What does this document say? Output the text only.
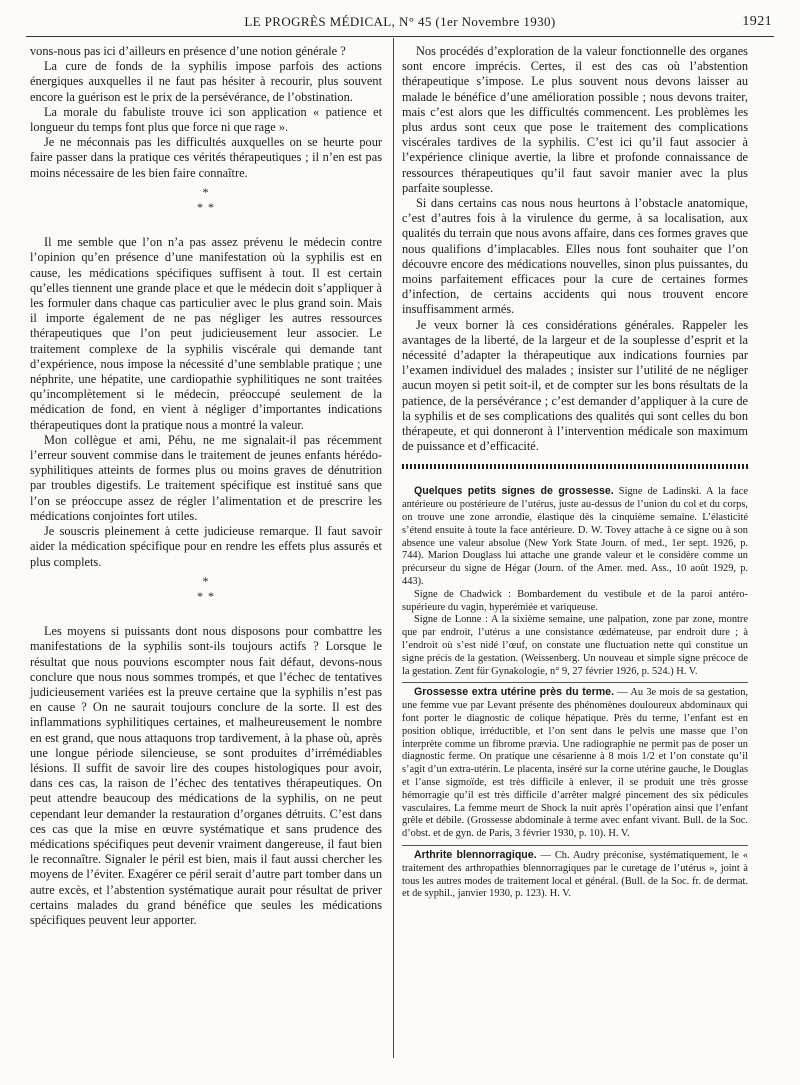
LE PROGRÈS MÉDICAL, N° 45 (1er Novembre 1930)	1921

vons-nous pas ici d’ailleurs en présence d’une notion générale ?

La cure de fonds de la syphilis impose parfois des actions énergiques auxquelles il ne faut pas hésiter à recourir, plus souvent encore la guérison est le prix de la persévérance, de l’obstination.

La morale du fabuliste trouve ici son application « patience et longueur du temps font plus que force ni que rage ».

Je ne méconnais pas les difficultés auxquelles on se heurte pour faire passer dans la pratique ces vérités thérapeutiques ; il n’en est pas moins nécessaire de les bien faire connaître.

*
* *

Il me semble que l’on n’a pas assez prévenu le médecin contre l’opinion qu’en présence d’une manifestation où la syphilis est en cause, les médications spécifiques suffisent à tout. Il est certain qu’elles tiennent une grande place et que le médecin doit s’appliquer à les formuler dans chaque cas particulier avec le plus grand soin. Mais il importe également de ne pas négliger les autres ressources thérapeutiques que l’on peut judicieusement leur associer. Le traitement complexe de la syphilis viscérale qui demande tant d’expérience, nous impose la nécessité d’une semblable pratique ; une néphrite, une hépatite, une cardiopathie syphilitiques ne sont traitées qu’incomplètement si le médecin, préoccupé seulement de la médication de fond, en vient à négliger d’importantes indications thérapeutiques dont la pratique nous a montré la valeur.

Mon collègue et ami, Péhu, ne me signalait-il pas récemment l’erreur souvent commise dans le traitement de jeunes enfants hérédo-syphilitiques atteints de formes plus ou moins graves de dénutrition par troubles digestifs. Le traitement spécifique est institué sans que l’on se préoccupe assez de régler l’alimentation et de prescrire les médications conjointes fort utiles.

Je souscris pleinement à cette judicieuse remarque. Il faut savoir aider la médication spécifique pour en rendre les effets plus assurés et plus complets.

*
* *

Les moyens si puissants dont nous disposons pour combattre les manifestations de la syphilis sont-ils toujours actifs ? Lorsque le résultat que nous pouvions escompter nous fait défaut, devons-nous conclure que nous nous sommes trompés, et que l’échec de tentatives judicieusement variées est la preuve certaine que la syphilis n’est pas en cause ? On ne saurait toujours conclure de la sorte. Il est des inflammations syphilitiques certaines, et malheureusement le nombre en est grand, que nous attaquons trop tardivement, à la phase où, après une longue période silencieuse, se sont produites d’irrémédiables lésions. Il suffit de savoir lire des coupes histologiques pour avoir, dans ces cas, la raison de l’échec des tentatives thérapeutiques. On peut attendre beaucoup des médications de la syphilis, on ne peut cependant leur demander la restauration d’organes détruits. C’est dans ces cas que la mise en œuvre systématique et sans prudence des médications spécifiques peut devenir vraiment dangereuse, il faut bien le reconnaître. Signaler le péril est bien, mais il faut aussi chercher les moyens de l’éviter. Exagérer ce péril serait d’autre part tomber dans un autre excès, et l’abstention systématique aurait pour résultat de priver certains malades du grand bénéfice que seules les médications spécifiques peuvent leur apporter.

Nos procédés d’exploration de la valeur fonctionnelle des organes sont encore imprécis. Certes, il est des cas où l’abstention thérapeutique s’impose. Le plus souvent nous devons laisser au malade le bénéfice d’une amélioration possible ; nous devons traiter, mais c’est alors que les difficultés commencent. Les problèmes les plus ardus sont ceux que pose le traitement des complications viscérales tardives de la syphilis. C’est ici qu’il faut associer à l’expérience clinique avertie, la libre et profonde connaissance de ressources thérapeutiques qu’il faut savoir manier avec la plus parfaite souplesse.

Si dans certains cas nous nous heurtons à l’obstacle anatomique, c’est d’autres fois à la virulence du germe, à sa localisation, aux qualités du terrain que nous avons affaire, dans ces formes graves que nous qualifions d’implacables. Elles nous font souhaiter que l’on découvre encore des médications nouvelles, sinon plus puissantes, du moins parfaitement efficaces pour la cure de certaines formes d’infection, de certains accidents qui nous trouvent encore insuffisamment armés.

Je veux borner là ces considérations générales. Rappeler les avantages de la liberté, de la largeur et de la souplesse d’esprit et la nécessité d’adapter la thérapeutique aux indications fournies par l’examen individuel des malades ; insister sur l’utilité de ne négliger aucun moyen si petit soit-il, et de compter sur les bons résultats de la patience, de la persévérance ; c’est demander d’appliquer à la cure de la syphilis et de ses complications des qualités qui sont celles du bon thérapeute, et qui donneront à l’intervention médicale son maximum de puissance et d’efficacité.

Quelques petits signes de grossesse. Signe de Ladinski. A la face antérieure ou postérieure de l’utérus, juste au-dessus de l’union du col et du corps, on trouve une zone arrondie, élastique dès la cinquième semaine. L’élasticité s’étend ensuite à toute la face antérieure. D. W. Tovey attache à ce signe ou à son absence une valeur absolue (New York State Journ. of med., 1er sept. 1926, p. 744). Marion Douglass lui attache une grande valeur et le considère comme un précurseur du signe de Hégar (Journ. of the Amer. med. Ass., 10 août 1929, p. 443).

Signe de Chadwick : Bombardement du vestibule et de la paroi antéro-supérieure du vagin, hyperémiée et variqueuse.

Signe de Lonne : A la sixième semaine, une palpation, zone par zone, montre que par endroit, l’utérus a une consistance œdémateuse, par endroit dure ; à l’endroit où s’est nidé l’œuf, on constate une fluctuation nette qui constitue un signe précis de la gestation. (Weissenberg. Un nouveau et simple signe précoce de la gestation. Zent für Gynakologie, n° 9, 27 février 1926, p. 524.) H. V.

Grossesse extra utérine près du terme. — Au 3e mois de sa gestation, une femme vue par Levant présente des phénomènes douloureux abdominaux qui font porter le diagnostic de colique hépatique. Près du terme, l’enfant est en position oblique, irréductible, et l’on sent dans le pelvis une masse que l’on interprète comme un fibrome prævia. Une radiographie ne permit pas de poser un diagnostic ferme. On pratique une césarienne à 8 mois 1/2 et l’on constate qu’il s’agit d’un extra-utérin. Le placenta, inséré sur la corne utérine gauche, le Douglas et l’anse sigmoïde, est très difficile à enlever, il se produit une très grosse hémorragie qu’il est très difficile d’arrêter malgré pincement des six pédicules vasculaires. La femme meurt de Shock la nuit après l’opération ainsi que l’enfant grêle et débile. (Grossesse abdominale à terme avec enfant vivant. Bull. de la Soc. d’obst. et de gyn. de Paris, 3 février 1930, p. 10). H. V.

Arthrite blennorragique. — Ch. Audry préconise, systématiquement, le « traitement des arthropathies blennorragiques par le curetage de l’utérus », joint à tous les autres modes de traitement local et général. (Bull. de la Soc. fr. de dermat. et de syphil., janvier 1930, p. 123). H. V.
